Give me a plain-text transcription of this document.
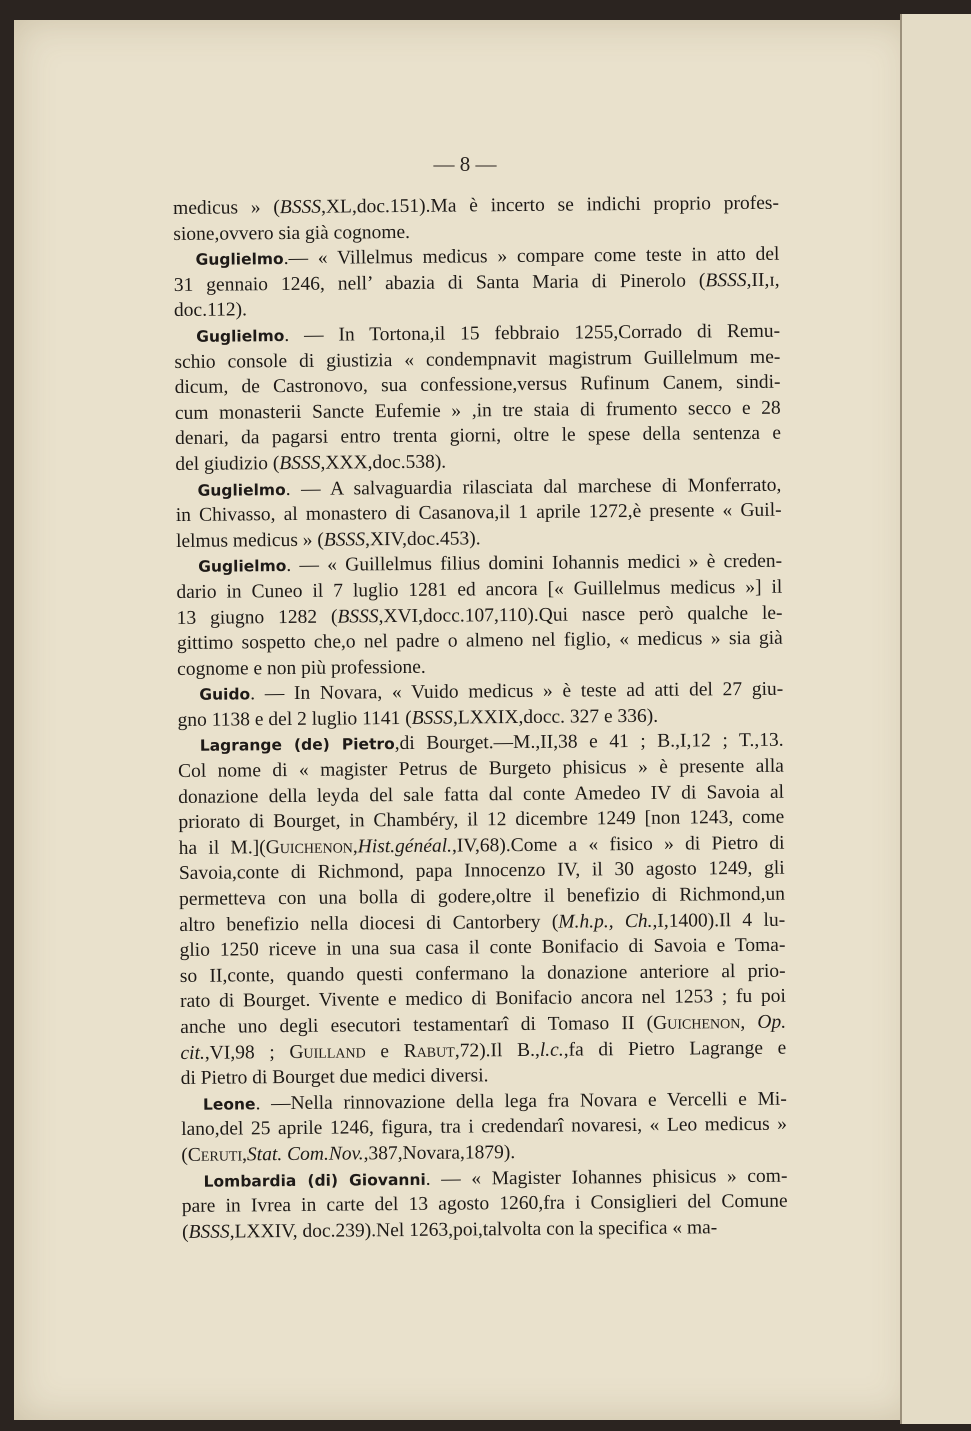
— 8 —
medicus » (BSSS,XL,doc.151).Ma è incerto se indichi proprio profes-
sione,ovvero sia già cognome.
Guglielmo.— « Villelmus medicus » compare come teste in atto del
31 gennaio 1246, nell’ abazia di Santa Maria di Pinerolo (BSSS,II,ɪ,
doc.112).
Guglielmo. — In Tortona,il 15 febbraio 1255,Corrado di Remu-
schio console di giustizia « condempnavit magistrum Guillelmum me-
dicum, de Castronovo, sua confessione,versus Rufinum Canem, sindi-
cum monasterii Sancte Eufemie » ,in tre staia di frumento secco e 28
denari, da pagarsi entro trenta giorni, oltre le spese della sentenza e
del giudizio (BSSS,XXX,doc.538).
Guglielmo. — A salvaguardia rilasciata dal marchese di Monferrato,
in Chivasso, al monastero di Casanova,il 1 aprile 1272,è presente « Guil-
lelmus medicus » (BSSS,XIV,doc.453).
Guglielmo. — « Guillelmus filius domini Iohannis medici » è creden-
dario in Cuneo il 7 luglio 1281 ed ancora [« Guillelmus medicus »] il
13 giugno 1282 (BSSS,XVI,docc.107,110).Qui nasce però qualche le-
gittimo sospetto che,o nel padre o almeno nel figlio, « medicus » sia già
cognome e non più professione.
Guido. — In Novara, « Vuido medicus » è teste ad atti del 27 giu-
gno 1138 e del 2 luglio 1141 (BSSS,LXXIX,docc. 327 e 336).
Lagrange (de) Pietro,di Bourget.—M.,II,38 e 41 ; B.,I,12 ; T.,13.
Col nome di « magister Petrus de Burgeto phisicus » è presente alla
donazione della leyda del sale fatta dal conte Amedeo IV di Savoia al
priorato di Bourget, in Chambéry, il 12 dicembre 1249 [non 1243, come
ha il M.](Guichenon,Hist.généal.,IV,68).Come a « fisico » di Pietro di
Savoia,conte di Richmond, papa Innocenzo IV, il 30 agosto 1249, gli
permetteva con una bolla di godere,oltre il benefizio di Richmond,un
altro benefizio nella diocesi di Cantorbery (M.h.p., Ch.,I,1400).Il 4 lu-
glio 1250 riceve in una sua casa il conte Bonifacio di Savoia e Toma-
so II,conte, quando questi confermano la donazione anteriore al prio-
rato di Bourget. Vivente e medico di Bonifacio ancora nel 1253 ; fu poi
anche uno degli esecutori testamentarî di Tomaso II (Guichenon, Op.
cit.,VI,98 ; Guilland e Rabut,72).Il B.,l.c.,fa di Pietro Lagrange e
di Pietro di Bourget due medici diversi.
Leone. —Nella rinnovazione della lega fra Novara e Vercelli e Mi-
lano,del 25 aprile 1246, figura, tra i credendarî novaresi, « Leo medicus »
(Ceruti,Stat. Com.Nov.,387,Novara,1879).
Lombardia (di) Giovanni. — « Magister Iohannes phisicus » com-
pare in Ivrea in carte del 13 agosto 1260,fra i Consiglieri del Comune
(BSSS,LXXIV, doc.239).Nel 1263,poi,talvolta con la specifica « ma-
